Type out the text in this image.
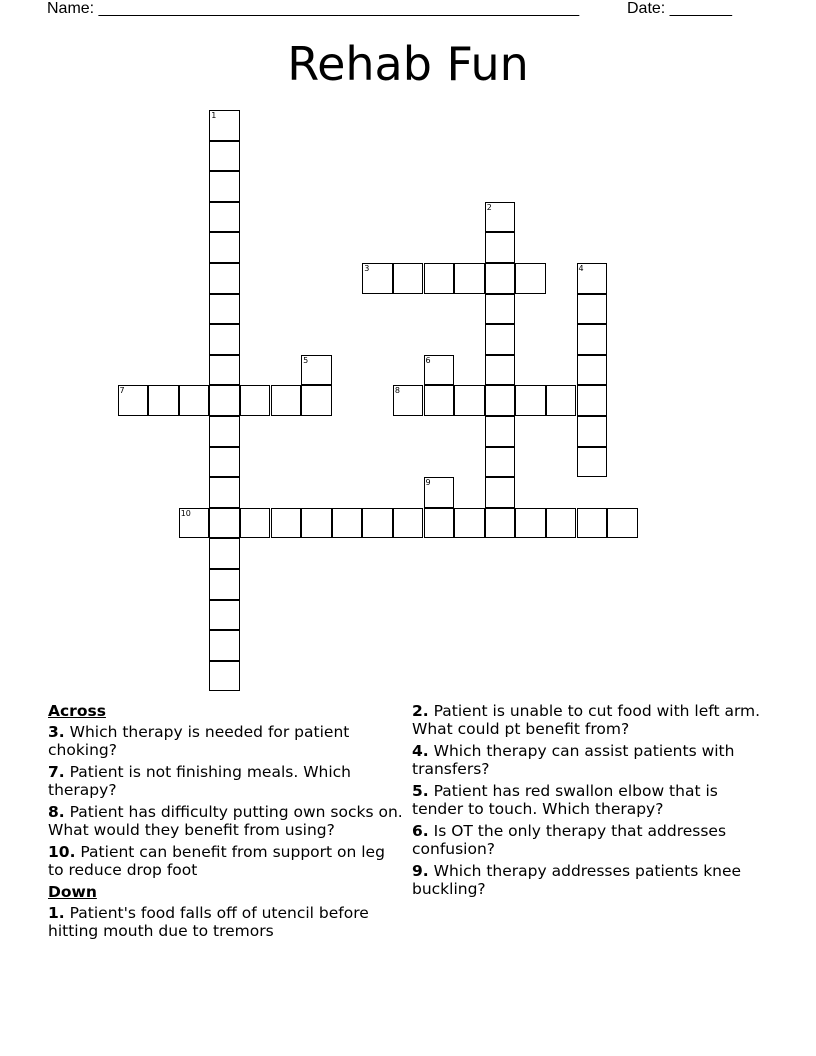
Name: ______________________________________________________	Date: _______
Rehab Fun
1
2
3	4
5	6
7	8
9
10
Across
3. Which therapy is needed for patient choking?
7. Patient is not finishing meals. Which therapy?
8. Patient has difficulty putting own socks on. What would they benefit from using?
10. Patient can benefit from support on leg to reduce drop foot
Down
1. Patient's food falls off of utencil before hitting mouth due to tremors
2. Patient is unable to cut food with left arm. What could pt benefit from?
4. Which therapy can assist patients with transfers?
5. Patient has red swallon elbow that is tender to touch. Which therapy?
6. Is OT the only therapy that addresses confusion?
9. Which therapy addresses patients knee buckling?
